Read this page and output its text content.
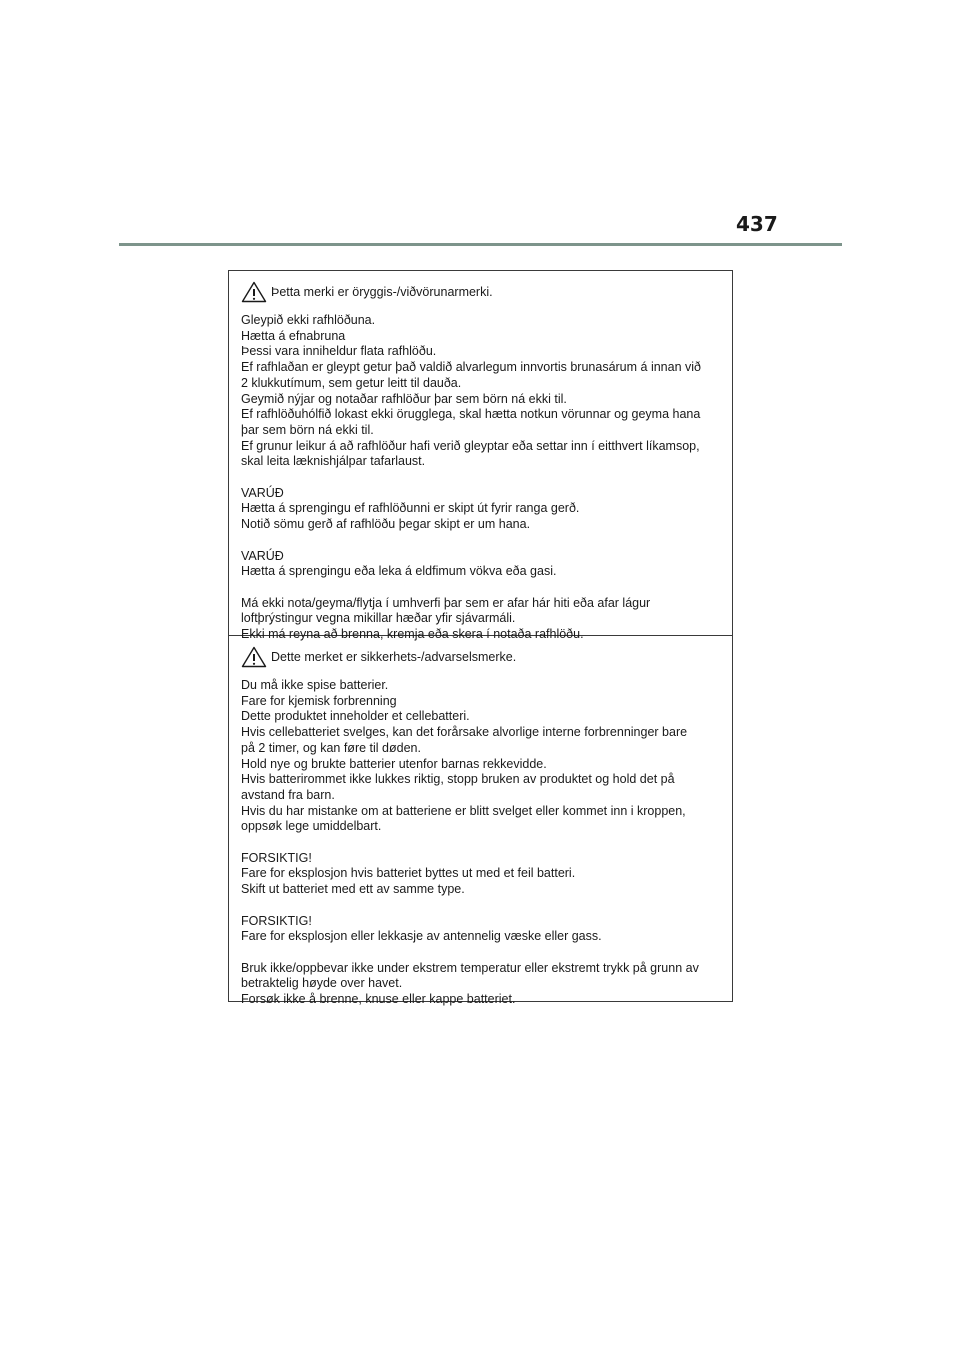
437
Þetta merki er öryggis-/viðvörunarmerki.

Gleypið ekki rafhlöðuna.

Hætta á efnabruna

Þessi vara inniheldur flata rafhlöðu.

Ef rafhlaðan er gleypt getur það valdið alvarlegum innvortis brunasárum á innan við

2 klukkutímum, sem getur leitt til dauða.

Geymið nýjar og notaðar rafhlöður þar sem börn ná ekki til.

Ef rafhlöðuhólfið lokast ekki örugglega, skal hætta notkun vörunnar og geyma hana

þar sem börn ná ekki til.

Ef grunur leikur á að rafhlöður hafi verið gleyptar eða settar inn í eitthvert líkamsop,

skal leita læknishjálpar tafarlaust.

VARÚÐ

Hætta á sprengingu ef rafhlöðunni er skipt út fyrir ranga gerð.

Notið sömu gerð af rafhlöðu þegar skipt er um hana.

VARÚÐ

Hætta á sprengingu eða leka á eldfimum vökva eða gasi.

Má ekki nota/geyma/flytja í umhverfi þar sem er afar hár hiti eða afar lágur

loftþrýstingur vegna mikillar hæðar yfir sjávarmáli.

Ekki má reyna að brenna, kremja eða skera í notaða rafhlöðu.

Dette merket er sikkerhets-/advarselsmerke.

Du må ikke spise batterier.

Fare for kjemisk forbrenning

Dette produktet inneholder et cellebatteri.

Hvis cellebatteriet svelges, kan det forårsake alvorlige interne forbrenninger bare

på 2 timer, og kan føre til døden.

Hold nye og brukte batterier utenfor barnas rekkevidde.

Hvis batterirommet ikke lukkes riktig, stopp bruken av produktet og hold det på

avstand fra barn.

Hvis du har mistanke om at batteriene er blitt svelget eller kommet inn i kroppen,

oppsøk lege umiddelbart.

FORSIKTIG!

Fare for eksplosjon hvis batteriet byttes ut med et feil batteri.

Skift ut batteriet med ett av samme type.

FORSIKTIG!

Fare for eksplosjon eller lekkasje av antennelig væske eller gass.

Bruk ikke/oppbevar ikke under ekstrem temperatur eller ekstremt trykk på grunn av

betraktelig høyde over havet.

Forsøk ikke å brenne, knuse eller kappe batteriet.
